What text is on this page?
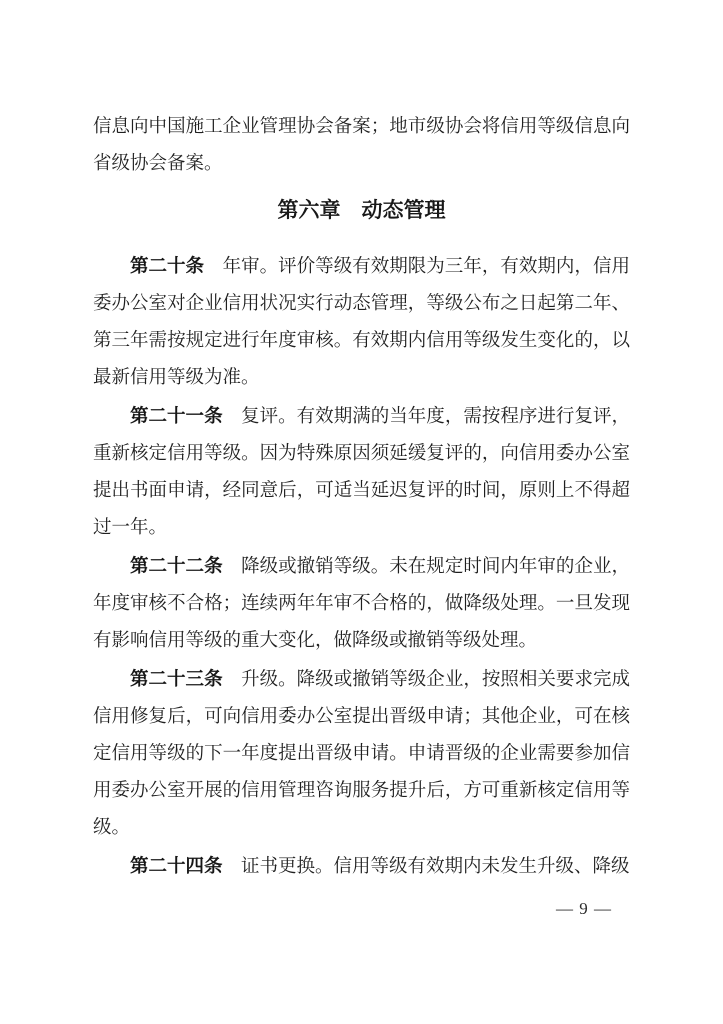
信息向中国施工企业管理协会备案；地市级协会将信用等级信息向省级协会备案。

第六章　动态管理

第二十条 年审。评价等级有效期限为三年，有效期内，信用委办公室对企业信用状况实行动态管理，等级公布之日起第二年、第三年需按规定进行年度审核。有效期内信用等级发生变化的，以最新信用等级为准。

第二十一条 复评。有效期满的当年度，需按程序进行复评，重新核定信用等级。因为特殊原因须延缓复评的，向信用委办公室提出书面申请，经同意后，可适当延迟复评的时间，原则上不得超过一年。

第二十二条 降级或撤销等级。未在规定时间内年审的企业，年度审核不合格；连续两年年审不合格的，做降级处理。一旦发现有影响信用等级的重大变化，做降级或撤销等级处理。

第二十三条 升级。降级或撤销等级企业，按照相关要求完成信用修复后，可向信用委办公室提出晋级申请；其他企业，可在核定信用等级的下一年度提出晋级申请。申请晋级的企业需要参加信用委办公室开展的信用管理咨询服务提升后，方可重新核定信用等级。

第二十四条 证书更换。信用等级有效期内未发生升级、降级

— 9 —
